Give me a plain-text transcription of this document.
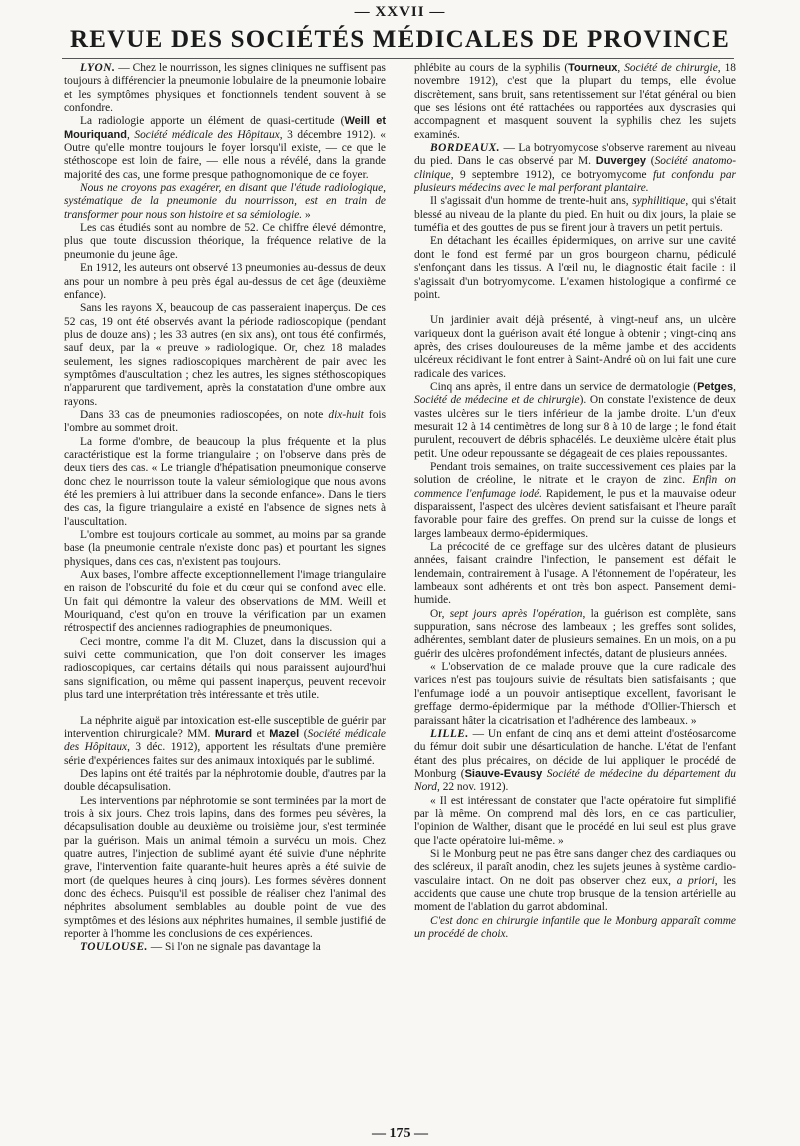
— XXVII —
REVUE DES SOCIÉTÉS MÉDICALES DE PROVINCE

LYON. — Chez le nourrisson, les signes cliniques ne suffisent pas toujours à différencier la pneumonie lobulaire de la pneumonie lobaire et les symptômes physiques et fonctionnels tendent souvent à se confondre.

La radiologie apporte un élément de quasi-certitude (Weill et Mouriquand, Société médicale des Hôpitaux, 3 décembre 1912). « Outre qu'elle montre toujours le foyer lorsqu'il existe, — ce que le stéthoscope est loin de faire, — elle nous a révélé, dans la grande majorité des cas, une forme presque pathognomonique de ce foyer.

Nous ne croyons pas exagérer, en disant que l'étude radiologique, systématique de la pneumonie du nourrisson, est en train de transformer pour nous son histoire et sa sémiologie. »

Les cas étudiés sont au nombre de 52. Ce chiffre élevé démontre, plus que toute discussion théorique, la fréquence relative de la pneumonie du jeune âge.

En 1912, les auteurs ont observé 13 pneumonies au-dessus de deux ans pour un nombre à peu près égal au-dessus de cet âge (deuxième enfance).

Sans les rayons X, beaucoup de cas passeraient inaperçus. De ces 52 cas, 19 ont été observés avant la période radioscopique (pendant plus de douze ans) ; les 33 autres (en six ans), ont tous été confirmés, sauf deux, par la « preuve » radiologique. Or, chez 18 malades seulement, les signes radioscopiques marchèrent de pair avec les symptômes d'auscultation ; chez les autres, les signes stéthoscopiques n'apparurent que tardivement, après la constatation d'une ombre aux rayons.

Dans 33 cas de pneumonies radioscopées, on note dix-huit fois l'ombre au sommet droit.

La forme d'ombre, de beaucoup la plus fréquente et la plus caractéristique est la forme triangulaire ; on l'observe dans près de deux tiers des cas. « Le triangle d'hépatisation pneumonique conserve donc chez le nourrisson toute la valeur sémiologique que nous avons été les premiers à lui attribuer dans la seconde enfance». Dans le tiers des cas, la figure triangulaire a existé en l'absence de signes nets à l'auscultation.

L'ombre est toujours corticale au sommet, au moins par sa grande base (la pneumonie centrale n'existe donc pas) et pourtant les signes physiques, dans ces cas, n'existent pas toujours.

Aux bases, l'ombre affecte exceptionnellement l'image triangulaire en raison de l'obscurité du foie et du cœur qui se confond avec elle. Un fait qui démontre la valeur des observations de MM. Weill et Mouriquand, c'est qu'on en trouve la vérification par un examen rétrospectif des anciennes radiographies de pneumoniques.

Ceci montre, comme l'a dit M. Cluzet, dans la discussion qui a suivi cette communication, que l'on doit conserver les images radioscopiques, car certains détails qui nous paraissent aujourd'hui sans signification, ou même qui passent inaperçus, peuvent recevoir plus tard une interprétation très intéressante et très utile.

La néphrite aiguë par intoxication est-elle susceptible de guérir par intervention chirurgicale? MM. Murard et Mazel (Société médicale des Hôpitaux, 3 déc. 1912), apportent les résultats d'une première série d'expériences faites sur des animaux intoxiqués par le sublimé.

Des lapins ont été traités par la néphrotomie double, d'autres par la double décapsulisation.

Les interventions par néphrotomie se sont terminées par la mort de trois à six jours. Chez trois lapins, dans des formes peu sévères, la décapsulisation double au deuxième ou troisième jour, s'est terminée par la guérison. Mais un animal témoin a survécu un mois. Chez quatre autres, l'injection de sublimé ayant été suivie d'une néphrite grave, l'intervention faite quarante-huit heures après a été suivie de mort (de quelques heures à cinq jours). Les formes sévères donnent donc des échecs. Puisqu'il est possible de réaliser chez l'animal des néphrites absolument semblables au double point de vue des symptômes et des lésions aux néphrites humaines, il semble justifié de reporter à l'homme les conclusions de ces expériences.

TOULOUSE. — Si l'on ne signale pas davantage la

phlébite au cours de la syphilis (Tourneux, Société de chirurgie, 18 novembre 1912), c'est que la plupart du temps, elle évolue discrètement, sans bruit, sans retentissement sur l'état général ou bien que ses lésions ont été rattachées ou rapportées aux dyscrasies qui accompagnent et masquent souvent la syphilis chez les sujets examinés.

BORDEAUX. — La botryomycose s'observe rarement au niveau du pied. Dans le cas observé par M. Duvergey (Société anatomo-clinique, 9 septembre 1912), ce botryomycome fut confondu par plusieurs médecins avec le mal perforant plantaire.

Il s'agissait d'un homme de trente-huit ans, syphilitique, qui s'était blessé au niveau de la plante du pied. En huit ou dix jours, la plaie se tuméfia et des gouttes de pus se firent jour à travers un petit pertuis.

En détachant les écailles épidermiques, on arrive sur une cavité dont le fond est fermé par un gros bourgeon charnu, pédiculé s'enfonçant dans les tissus. A l'œil nu, le diagnostic était facile : il s'agissait d'un botryomycome. L'examen histologique a confirmé ce point.

Un jardinier avait déjà présenté, à vingt-neuf ans, un ulcère variqueux dont la guérison avait été longue à obtenir ; vingt-cinq ans après, des crises douloureuses de la même jambe et des accidents ulcéreux récidivant le font entrer à Saint-André où on lui fait une cure radicale des varices.

Cinq ans après, il entre dans un service de dermatologie (Petges, Société de médecine et de chirurgie). On constate l'existence de deux vastes ulcères sur le tiers inférieur de la jambe droite. L'un d'eux mesurait 12 à 14 centimètres de long sur 8 à 10 de large ; le fond était purulent, recouvert de débris sphacélés. Le deuxième ulcère était plus petit. Une odeur repoussante se dégageait de ces plaies repoussantes.

Pendant trois semaines, on traite successivement ces plaies par la solution de créoline, le nitrate et le crayon de zinc. Enfin on commence l'enfumage iodé. Rapidement, le pus et la mauvaise odeur disparaissent, l'aspect des ulcères devient satisfaisant et l'heure paraît favorable pour faire des greffes. On prend sur la cuisse de longs et larges lambeaux dermo-épidermiques.

La précocité de ce greffage sur des ulcères datant de plusieurs années, faisant craindre l'infection, le pansement est défait le lendemain, contrairement à l'usage. A l'étonnement de l'opérateur, les lambeaux sont adhérents et ont très bon aspect. Pansement demi-humide.

Or, sept jours après l'opération, la guérison est complète, sans suppuration, sans nécrose des lambeaux ; les greffes sont solides, adhérentes, semblant dater de plusieurs semaines. En un mois, on a pu guérir des ulcères profondément infectés, datant de plusieurs années.

« L'observation de ce malade prouve que la cure radicale des varices n'est pas toujours suivie de résultats bien satisfaisants ; que l'enfumage iodé a un pouvoir antiseptique excellent, favorisant le greffage dermo-épidermique par la méthode d'Ollier-Thiersch et paraissant hâter la cicatrisation et l'adhérence des lambeaux. »

LILLE. — Un enfant de cinq ans et demi atteint d'ostéosarcome du fémur doit subir une désarticulation de hanche. L'état de l'enfant étant des plus précaires, on décide de lui appliquer le procédé de Monburg (Siauve-Evausy Société de médecine du département du Nord, 22 nov. 1912).

« Il est intéressant de constater que l'acte opératoire fut simplifié par là même. On comprend mal dès lors, en ce cas particulier, l'opinion de Walther, disant que le procédé en lui seul est plus grave que l'acte opératoire lui-même. »

Si le Monburg peut ne pas être sans danger chez des cardiaques ou des scléreux, il paraît anodin, chez les sujets jeunes à système cardio-vasculaire intact. On ne doit pas observer chez eux, a priori, les accidents que cause une chute trop brusque de la tension artérielle au moment de l'ablation du garrot abdominal.

C'est donc en chirurgie infantile que le Monburg apparaît comme un procédé de choix.

— 175 —
